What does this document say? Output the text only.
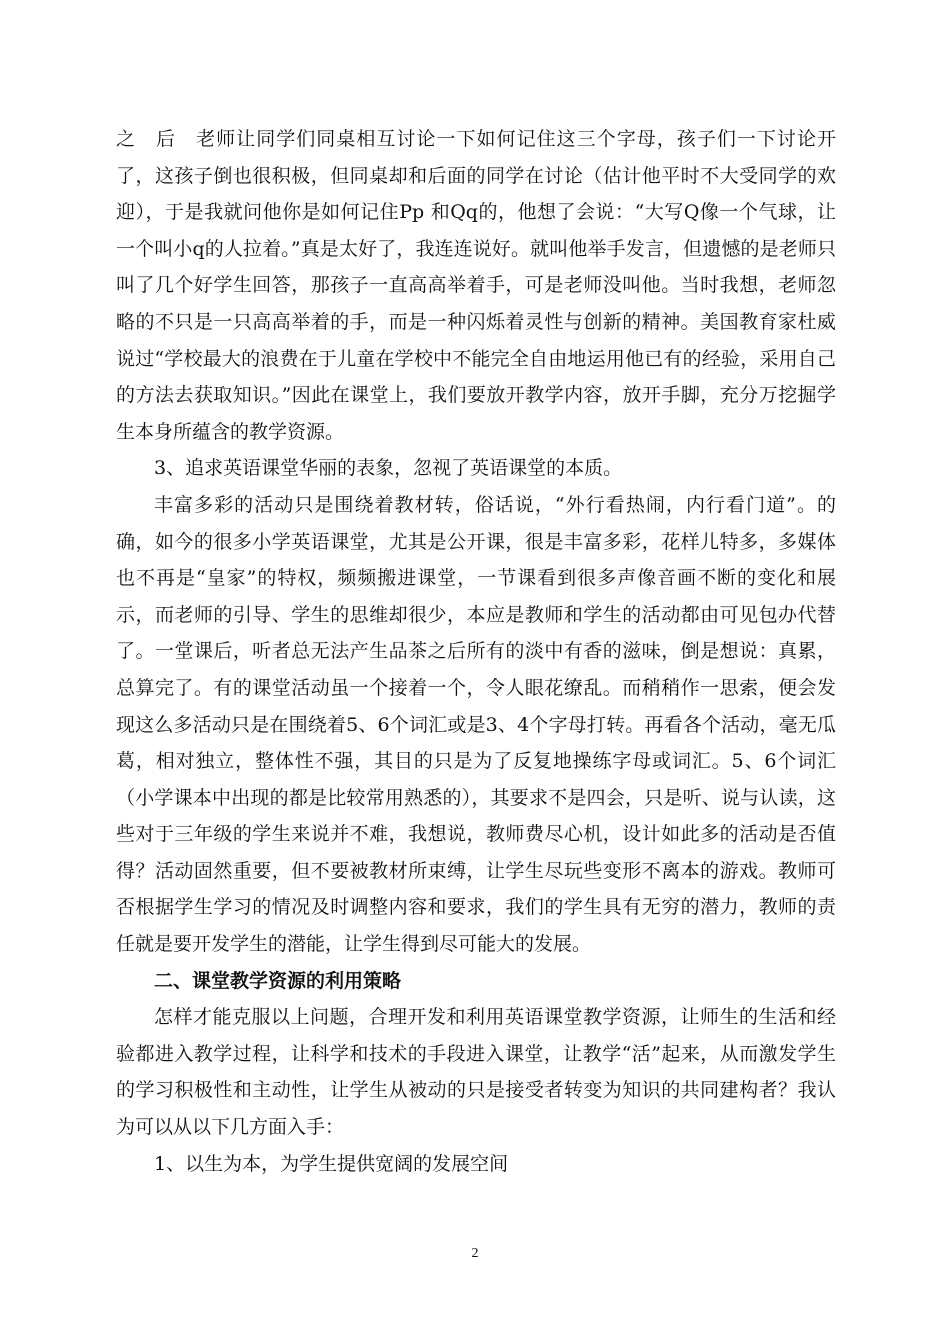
之　后　老师让同学们同桌相互讨论一下如何记住这三个字母，孩子们一下讨论开了，这孩子倒也很积极，但同桌却和后面的同学在讨论（估计他平时不大受同学的欢迎），于是我就问他你是如何记住Pp 和Qq的，他想了会说：“大写Q像一个气球，让一个叫小q的人拉着。”真是太好了，我连连说好。就叫他举手发言，但遗憾的是老师只叫了几个好学生回答，那孩子一直高高举着手，可是老师没叫他。当时我想，老师忽略的不只是一只高高举着的手，而是一种闪烁着灵性与创新的精神。美国教育家杜威说过“学校最大的浪费在于儿童在学校中不能完全自由地运用他已有的经验，采用自己的方法去获取知识。”因此在课堂上，我们要放开教学内容，放开手脚，充分万挖掘学生本身所蕴含的教学资源。

3、追求英语课堂华丽的表象，忽视了英语课堂的本质。

丰富多彩的活动只是围绕着教材转，俗话说，“外行看热闹，内行看门道”。的确，如今的很多小学英语课堂，尤其是公开课，很是丰富多彩，花样儿特多，多媒体也不再是“皇家”的特权，频频搬进课堂，一节课看到很多声像音画不断的变化和展示，而老师的引导、学生的思维却很少，本应是教师和学生的活动都由可见包办代替了。一堂课后，听者总无法产生品茶之后所有的淡中有香的滋味，倒是想说：真累，总算完了。有的课堂活动虽一个接着一个，令人眼花缭乱。而稍稍作一思索，便会发现这么多活动只是在围绕着5、6个词汇或是3、4个字母打转。再看各个活动，毫无瓜葛，相对独立，整体性不强，其目的只是为了反复地操练字母或词汇。5、6个词汇（小学课本中出现的都是比较常用熟悉的），其要求不是四会，只是听、说与认读，这些对于三年级的学生来说并不难，我想说，教师费尽心机，设计如此多的活动是否值得？活动固然重要，但不要被教材所束缚，让学生尽玩些变形不离本的游戏。教师可否根据学生学习的情况及时调整内容和要求，我们的学生具有无穷的潜力，教师的责任就是要开发学生的潜能，让学生得到尽可能大的发展。

二、课堂教学资源的利用策略

怎样才能克服以上问题，合理开发和利用英语课堂教学资源，让师生的生活和经验都进入教学过程，让科学和技术的手段进入课堂，让教学“活”起来，从而激发学生的学习积极性和主动性，让学生从被动的只是接受者转变为知识的共同建构者？我认为可以从以下几方面入手：

1、以生为本，为学生提供宽阔的发展空间

2
